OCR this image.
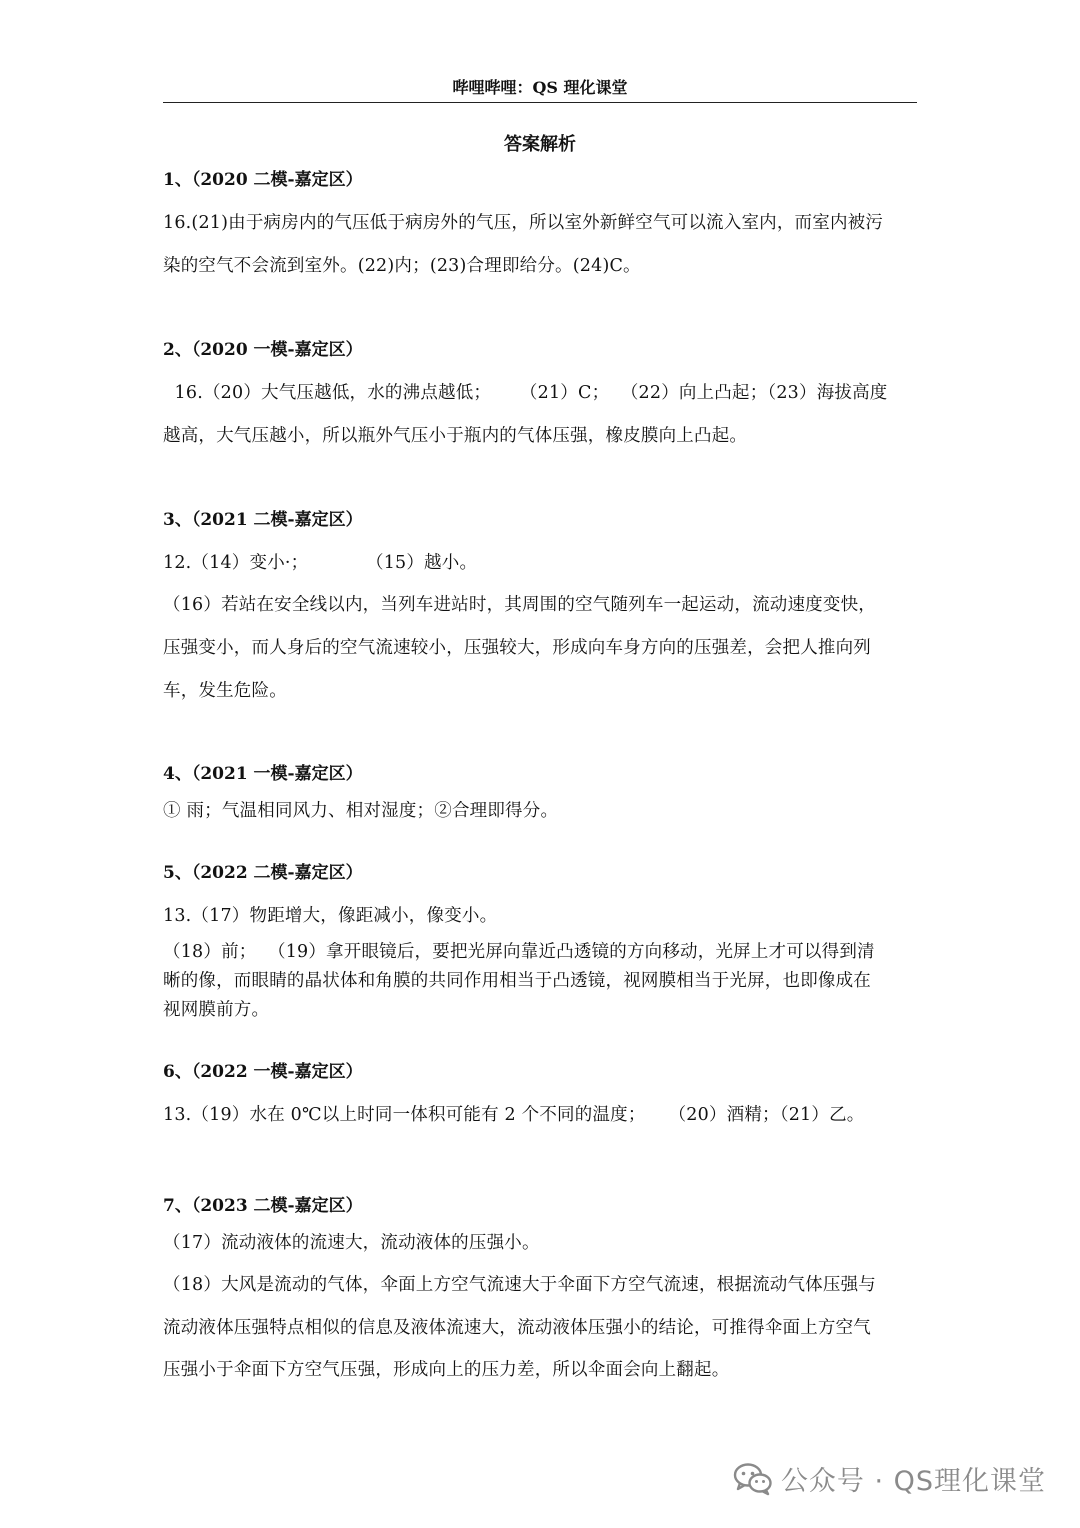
哔哩哔哩：QS 理化课堂
答案解析
1、（2020 二模-嘉定区）
16.(21)由于病房内的气压低于病房外的气压，所以室外新鲜空气可以流入室内，而室内被污
染的空气不会流到室外。(22)内；(23)合理即给分。(24)C。
2、（2020 一模-嘉定区）
16.（20）大气压越低，水的沸点越低；     （21）C；  （22）向上凸起；（23）海拔高度
越高，大气压越小，所以瓶外气压小于瓶内的气体压强，橡皮膜向上凸起。
3、（2021 二模-嘉定区）
12.（14）变小·；          （15）越小。
（16）若站在安全线以内，当列车进站时，其周围的空气随列车一起运动，流动速度变快，
压强变小，而人身后的空气流速较小，压强较大，形成向车身方向的压强差，会把人推向列
车，发生危险。
4、（2021 一模-嘉定区）
① 雨；气温相同风力、相对湿度；②合理即得分。
5、（2022 二模-嘉定区）
13.（17）物距增大，像距减小，像变小。
（18）前；  （19）拿开眼镜后，要把光屏向靠近凸透镜的方向移动，光屏上才可以得到清
晰的像，而眼睛的晶状体和角膜的共同作用相当于凸透镜，视网膜相当于光屏，也即像成在
视网膜前方。
6、（2022 一模-嘉定区）
13.（19）水在 0℃以上时同一体积可能有 2 个不同的温度；    （20）酒精；（21）乙。
7、（2023 二模-嘉定区）
（17）流动液体的流速大，流动液体的压强小。
（18）大风是流动的气体，伞面上方空气流速大于伞面下方空气流速，根据流动气体压强与
流动液体压强特点相似的信息及液体流速大，流动液体压强小的结论，可推得伞面上方空气
压强小于伞面下方空气压强，形成向上的压力差，所以伞面会向上翻起。
公众号 · QS理化课堂
